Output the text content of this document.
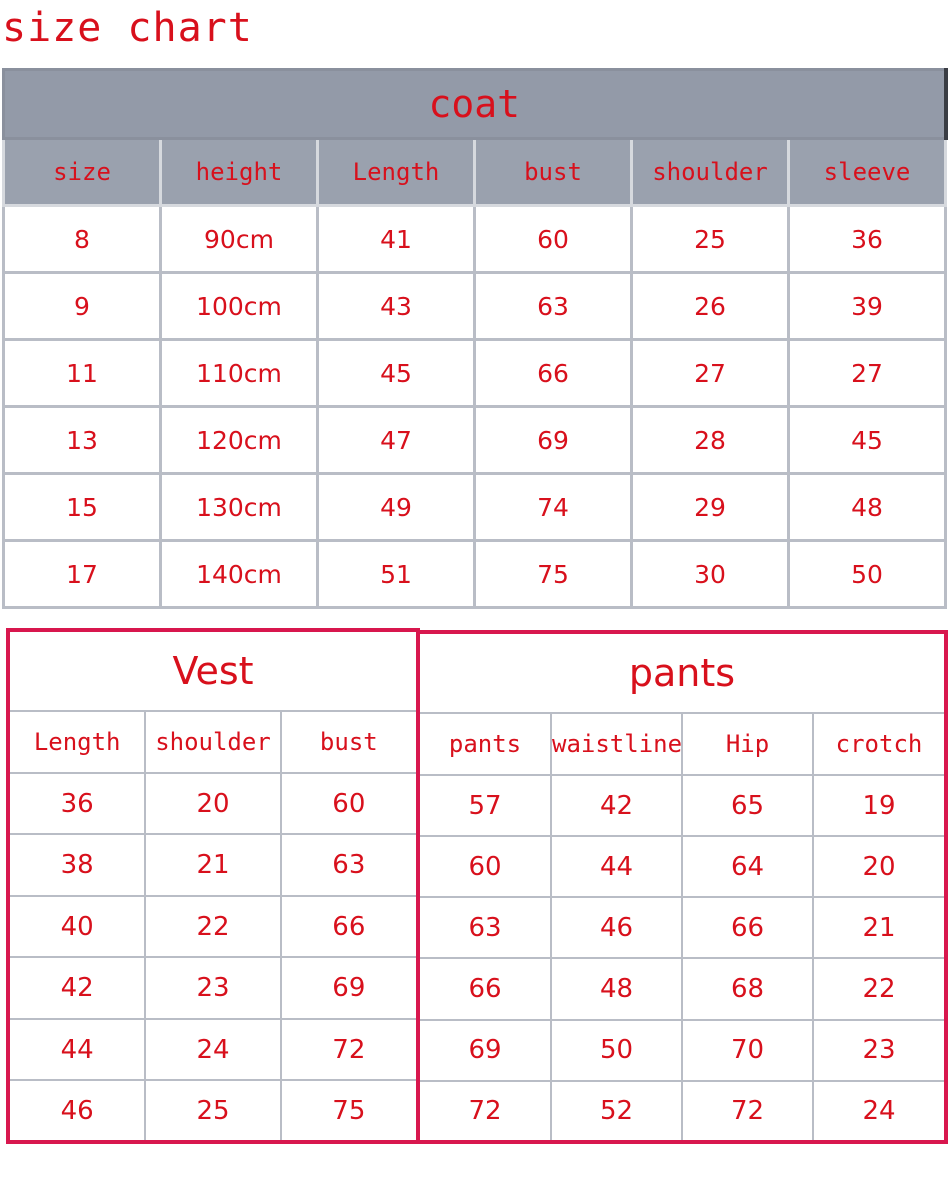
size chart
coat					
size	height	Length	bust	shoulder	sleeve
8	90cm	41	60	25	36
9	100cm	43	63	26	39
11	110cm	45	66	27	27
13	120cm	47	69	28	45
15	130cm	49	74	29	48
17	140cm	51	75	30	50
Vest		
Length	shoulder	bust
36	20	60
38	21	63
40	22	66
42	23	69
44	24	72
46	25	75
pants			
pants	waistline	Hip	crotch
57	42	65	19
60	44	64	20
63	46	66	21
66	48	68	22
69	50	70	23
72	52	72	24
